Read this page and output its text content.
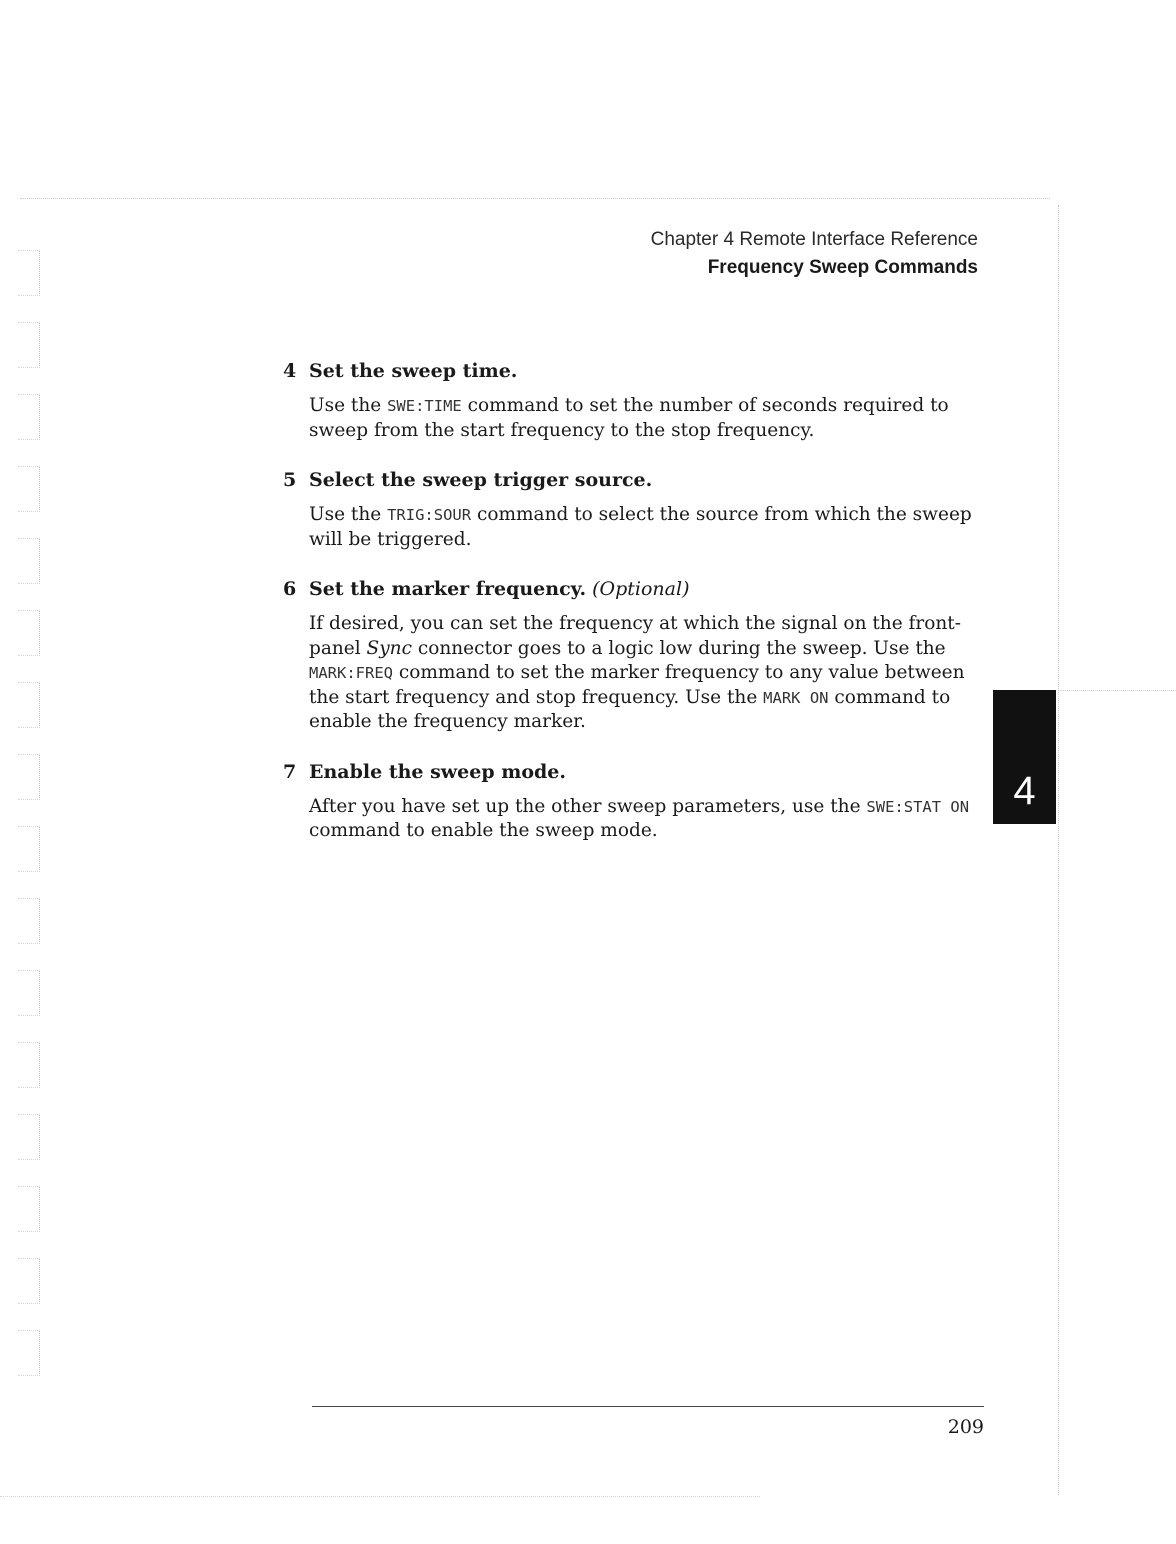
Chapter 4 Remote Interface Reference
Frequency Sweep Commands
4 Set the sweep time.
Use the SWE:TIME command to set the number of seconds required to sweep from the start frequency to the stop frequency.
5 Select the sweep trigger source.
Use the TRIG:SOUR command to select the source from which the sweep will be triggered.
6 Set the marker frequency. (Optional)
If desired, you can set the frequency at which the signal on the front-panel Sync connector goes to a logic low during the sweep. Use the MARK:FREQ command to set the marker frequency to any value between the start frequency and stop frequency. Use the MARK ON command to enable the frequency marker.
7 Enable the sweep mode.
After you have set up the other sweep parameters, use the SWE:STAT ON command to enable the sweep mode.
4
209
